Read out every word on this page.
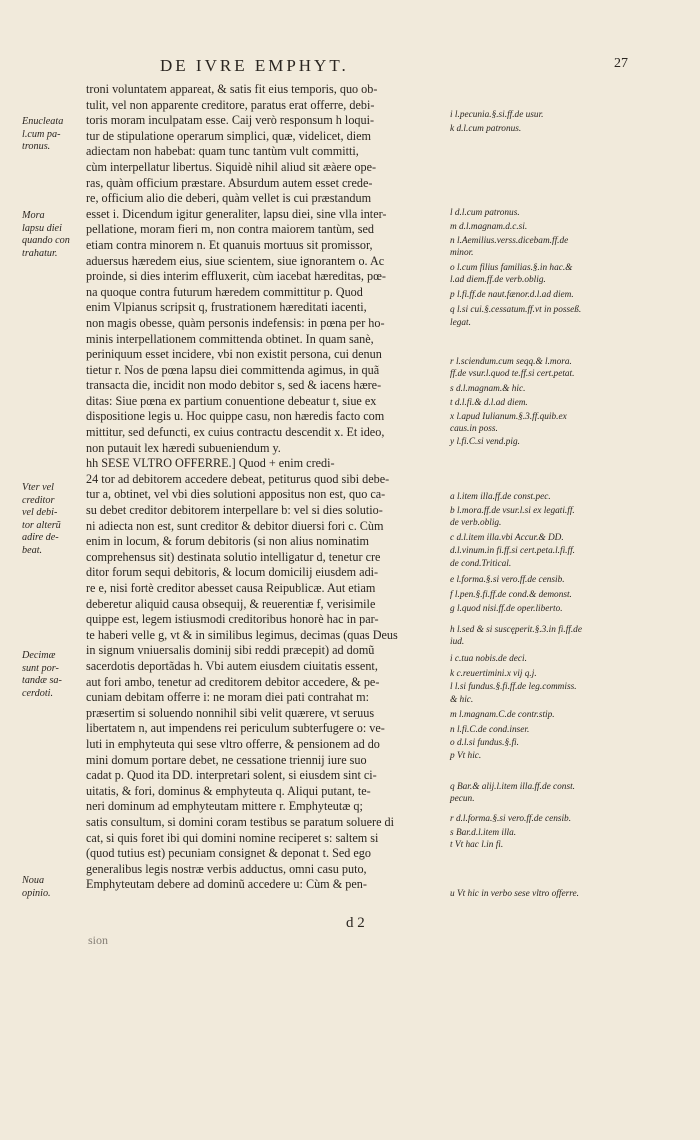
DE IVRE EMPHYT.	27
troni voluntatem appareat, & satis fit eius temporis, quo ob-
tulit, vel non apparente creditore, paratus erat offerre, debi-
toris moram inculpatam esse. Caij verò responsum h loqui-
tur de stipulatione operarum simplici, quæ, videlicet, diem
adiectam non habebat: quam tunc tantùm vult committi,
cùm interpellatur libertus. Siquidè nihil aliud sit æàere ope-
ras, quàm officium præstare. Absurdum autem esset crede-
re, officium alio die deberi, quàm vellet is cui præstandum
esset i. Dicendum igitur generaliter, lapsu diei, sine vlla inter-
pellatione, moram fieri m, non contra maiorem tantùm, sed
etiam contra minorem n. Et quanuis mortuus sit promissor,
aduersus hæredem eius, siue scientem, siue ignorantem o. Ac
proinde, si dies interim effluxerit, cùm iacebat hæreditas, pœ-
na quoque contra futurum hæredem committitur p. Quod
enim Vlpianus scripsit q, frustrationem hæreditati iacenti,
non magis obesse, quàm personis indefensis: in pœna per ho-
minis interpellationem committenda obtinet. In quam sanè,
periniquum esset incidere, vbi non existit persona, cui denun
tietur r. Nos de pœna lapsu diei committenda agimus, in quã
transacta die, incidit non modo debitor s, sed & iacens hære-
ditas: Siue pœna ex partium conuentione debeatur t, siue ex
dispositione legis u. Hoc quippe casu, non hæredis facto com
mittitur, sed defuncti, ex cuius contractu descendit x. Et ideo,
non putauit lex hæredi subueniendum y.
hh SESE VLTRO OFFERRE.] Quod + enim credi-
24 tor ad debitorem accedere debeat, petiturus quod sibi debe-
tur a, obtinet, vel vbi dies solutioni appositus non est, quo ca-
su debet creditor debitorem interpellare b: vel si dies solutio-
ni adiecta non est, sunt creditor & debitor diuersi fori c. Cùm
enim in locum, & forum debitoris (si non alius nominatim
comprehensus sit) destinata solutio intelligatur d, tenetur cre
ditor forum sequi debitoris, & locum domicilij eiusdem adi-
re e, nisi fortè creditor abesset causa Reipublicæ. Aut etiam
deberetur aliquid causa obsequij, & reuerentiæ f, verisimile
quippe est, legem istiusmodi creditoribus honorè hac in par-
te haberi velle g, vt & in similibus legimus, decimas (quas Deus
in signum vniuersalis dominij sibi reddi præcepit) ad domũ
sacerdotis deportãdas h. Vbi autem eiusdem ciuitatis essent,
aut fori ambo, tenetur ad creditorem debitor accedere, & pe-
cuniam debitam offerre i: ne moram diei pati contrahat m:
præsertim si soluendo nonnihil sibi velit quærere, vt seruus
libertatem n, aut impendens rei periculum subterfugere o: ve-
luti in emphyteuta qui sese vltro offerre, & pensionem ad do
mini domum portare debet, ne cessatione triennij iure suo
cadat p. Quod ita DD. interpretari solent, si eiusdem sint ci-
uitatis, & fori, dominus & emphyteuta q. Aliqui putant, te-
neri dominum ad emphyteutam mittere r. Emphyteutæ q;
satis consultum, si domini coram testibus se paratum soluere di
cat, si quis foret ibi qui domini nomine reciperet s: saltem si
(quod tutius est) pecuniam consignet & deponat t. Sed ego
generalibus legis nostræ verbis adductus, omni casu puto,
Emphyteutam debere ad dominũ accedere u: Cùm & pen-
Enucleata
l.cum pa-
tronus.
Mora
lapsu diei
quando con
trahatur.
Vter vel
creditor
vel debi-
tor alterũ
adire de-
beat.
Decimæ
sunt por-
tandæ sa-
cerdoti.
Noua
opinio.
i l.pecunia.§.si.ff.de usur.
k d.l.cum patronus.
l d.l.cum patronus.
m d.l.magnam.d.c.si.
n l.Aemilius.verss.dicebam.ff.de
minor.
o l.cum filius familias.§.in hac.&
l.ad diem.ff.de verb.oblig.
p l.fi.ff.de naut.fænor.d.l.ad diem.
q l.si cui.§.cessatum.ff.vt in posseß.
legat.
r l.sciendum.cum seqq.& l.mora.
ff.de vsur.l.quod te.ff.si cert.petat.
s d.l.magnam.& hic.
t d.l.fi.& d.l.ad diem.
x l.apud Iulianum.§.3.ff.quib.ex
caus.in poss.
y l.fi.C.si vend.pig.
a l.item illa.ff.de const.pec.
b l.mora.ff.de vsur.l.si ex legati.ff.
de verb.oblig.
c d.l.item illa.vbi Accur.& DD.
d.l.vinum.in fi.ff.si cert.peta.l.fi.ff.
de cond.Tritical.
e l.forma.§.si vero.ff.de censib.
f l.pen.§.fi.ff.de cond.& demonst.
g l.quod nisi.ff.de oper.liberto.
h l.sed & si suscęperit.§.3.in fi.ff.de
iud.
i c.tua nobis.de deci.
k c.reuertimini.x vij q.j.
l l.si fundus.§.fi.ff.de leg.commiss.
& hic.
m l.magnam.C.de contr.stip.
n l.fi.C.de cond.inser.
o d.l.si fundus.§.fi.
p Vt hic.
q Bar.& alij.l.item illa.ff.de const.
pecun.
r d.l.forma.§.si vero.ff.de censib.
s Bar.d.l.item illa.
t Vt hac l.in fi.
u Vt hic in verbo sese vltro offerre.
d 2
sion
